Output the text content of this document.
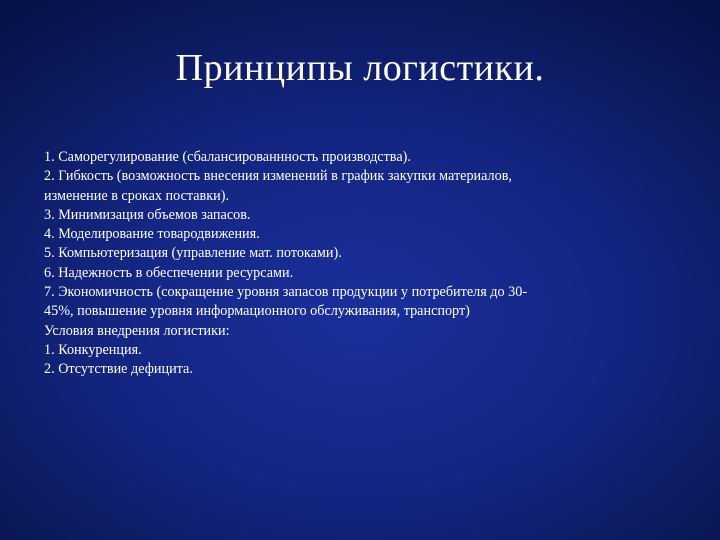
Принципы логистики.
1. Саморегулирование (сбалансированнность производства).
2. Гибкость (возможность внесения изменений в график закупки материалов,
изменение в сроках поставки).
3. Минимизация объемов запасов.
4. Моделирование товародвижения.
5. Компьютеризация (управление мат. потоками).
6. Надежность в обеспечении ресурсами.
7. Экономичность (сокращение уровня запасов продукции у потребителя до 30-
45%, повышение уровня информационного обслуживания, транспорт)
Условия внедрения логистики:
1. Конкуренция.
2. Отсутствие дефицита.
